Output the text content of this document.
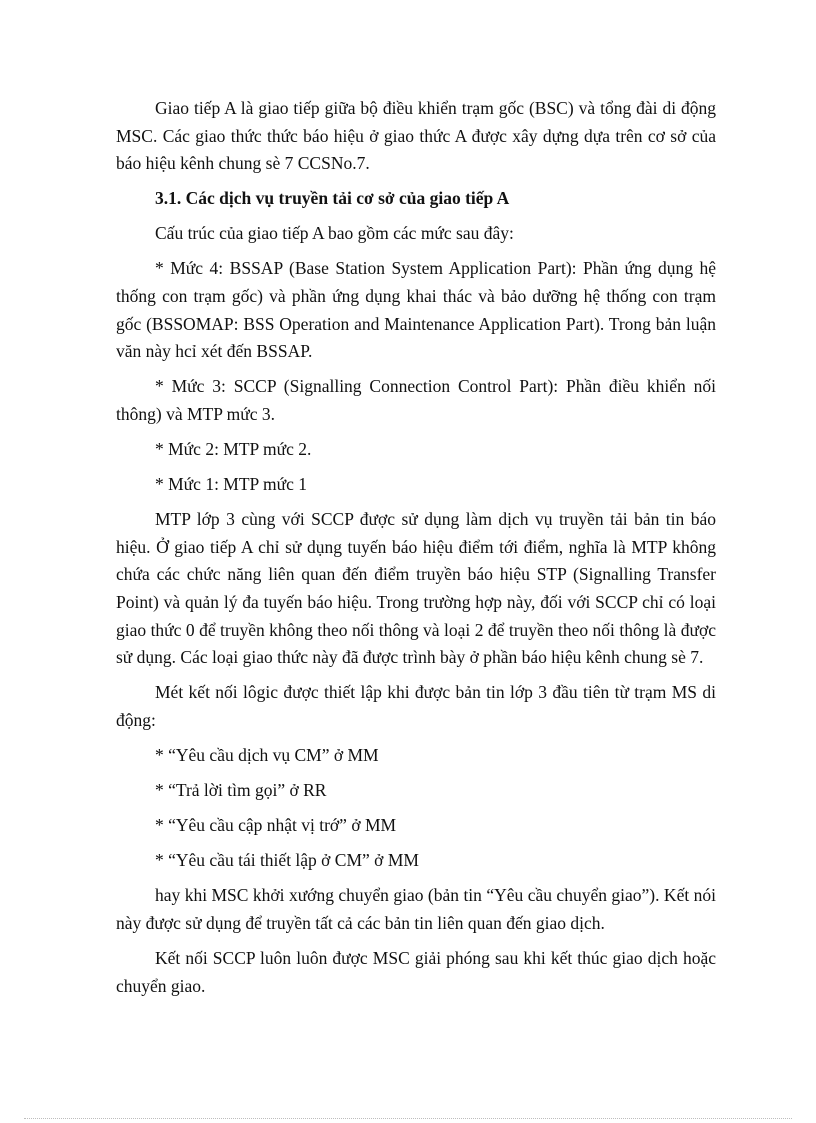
Giao tiếp A là giao tiếp giữa bộ điều khiển trạm gốc (BSC) và tổng đài di động MSC. Các giao thức thức báo hiệu ở giao thức A được xây dựng dựa trên cơ sở của báo hiệu kênh chung sè 7 CCSNo.7.

3.1. Các dịch vụ truyền tải cơ sở của giao tiếp A

Cấu trúc của giao tiếp A bao gồm các mức sau đây:

* Mức 4: BSSAP (Base Station System Application Part): Phần ứng dụng hệ thống con trạm gốc) và phần ứng dụng khai thác và bảo dưỡng hệ thống con trạm gốc (BSSOMAP: BSS Operation and Maintenance Application Part). Trong bản luận văn này hcỉ xét đến BSSAP.

* Mức 3: SCCP (Signalling Connection Control Part): Phần điều khiển nối thông) và MTP mức 3.

* Mức 2: MTP mức 2.

* Mức 1: MTP mức 1

MTP lớp 3 cùng với SCCP được sử dụng làm dịch vụ truyền tải bản tin báo hiệu. Ở giao tiếp A chỉ sử dụng tuyến báo hiệu điểm tới điểm, nghĩa là MTP không chứa các chức năng liên quan đến điểm truyền báo hiệu STP (Signalling Transfer Point) và quản lý đa tuyến báo hiệu. Trong trường hợp này, đối với SCCP chỉ có loại giao thức 0 để truyền không theo nối thông và loại 2 để truyền theo nối thông là được sử dụng. Các loại giao thức này đã được trình bày ở phần báo hiệu kênh chung sè 7.

Mét kết nối lôgic được thiết lập khi được bản tin lớp 3 đầu tiên từ trạm MS di động:

* “Yêu cầu dịch vụ CM” ở MM

* “Trả lời tìm gọi” ở RR

* “Yêu cầu cập nhật vị trớ” ở MM

* “Yêu cầu tái thiết lập ở CM” ở MM

hay khi MSC khởi xướng chuyển giao (bản tin “Yêu cầu chuyển giao”). Kết nói này được sử dụng để truyền tất cả các bản tin liên quan đến giao dịch.

Kết nối SCCP luôn luôn được MSC giải phóng sau khi kết thúc giao dịch hoặc chuyển giao.
